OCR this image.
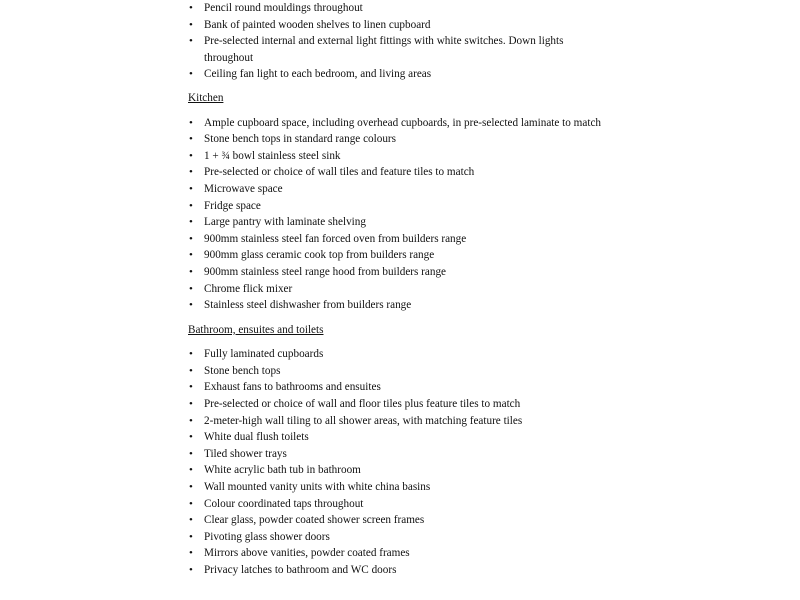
• Pencil round mouldings throughout
• Bank of painted wooden shelves to linen cupboard
• Pre-selected internal and external light fittings with white switches. Down lights throughout
• Ceiling fan light to each bedroom, and living areas
Kitchen
• Ample cupboard space, including overhead cupboards, in pre-selected laminate to match
• Stone bench tops in standard range colours
• 1 + ¾ bowl stainless steel sink
• Pre-selected or choice of wall tiles and feature tiles to match
• Microwave space
• Fridge space
• Large pantry with laminate shelving
• 900mm stainless steel fan forced oven from builders range
• 900mm glass ceramic cook top from builders range
• 900mm stainless steel range hood from builders range
• Chrome flick mixer
• Stainless steel dishwasher from builders range
Bathroom, ensuites and toilets
• Fully laminated cupboards
• Stone bench tops
• Exhaust fans to bathrooms and ensuites
• Pre-selected or choice of wall and floor tiles plus feature tiles to match
• 2-meter-high wall tiling to all shower areas, with matching feature tiles
• White dual flush toilets
• Tiled shower trays
• White acrylic bath tub in bathroom
• Wall mounted vanity units with white china basins
• Colour coordinated taps throughout
• Clear glass, powder coated shower screen frames
• Pivoting glass shower doors
• Mirrors above vanities, powder coated frames
• Privacy latches to bathroom and WC doors
